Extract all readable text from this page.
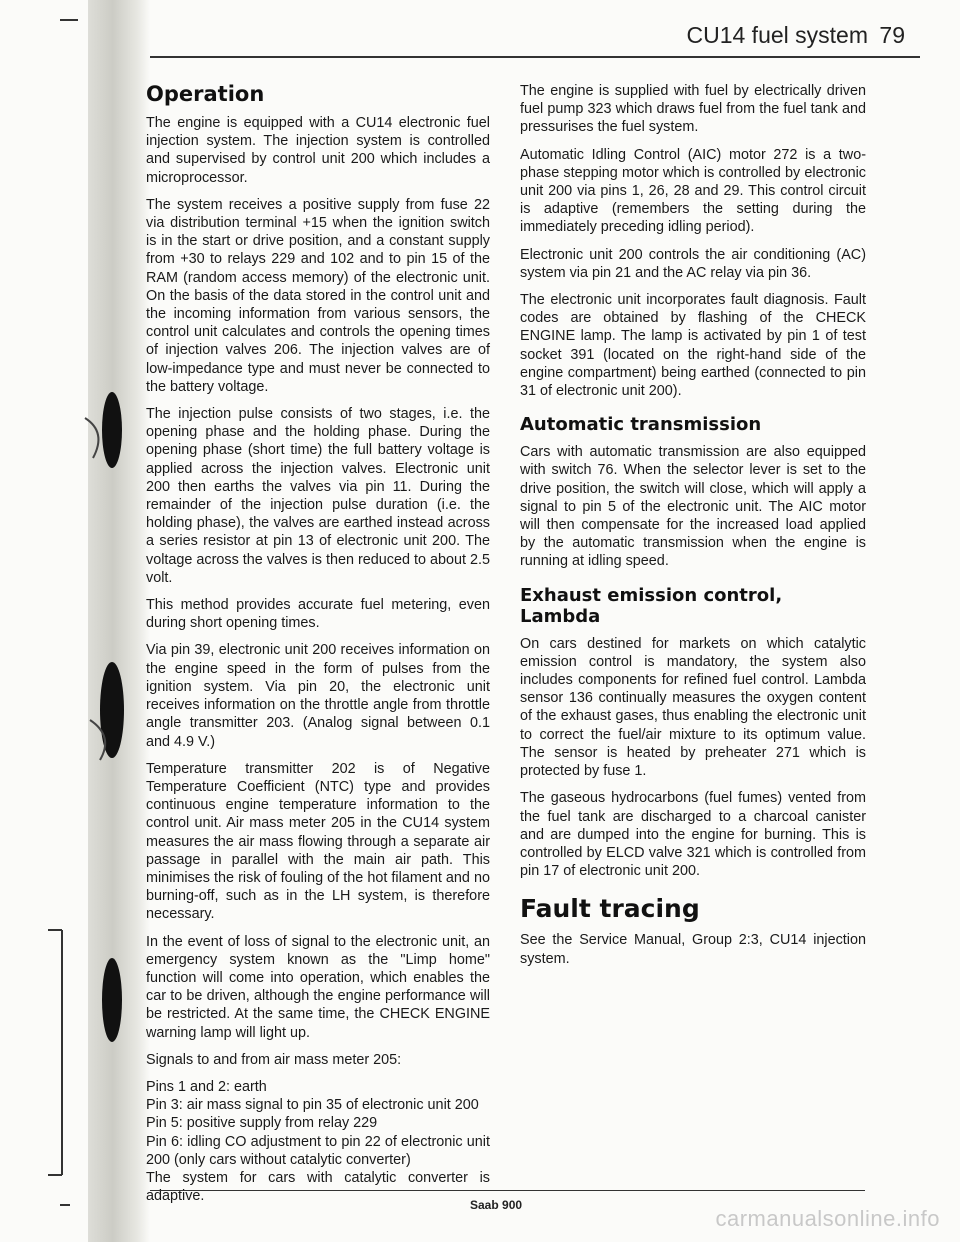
CU14 fuel system 79
Operation

The engine is equipped with a CU14 electronic fuel injection system. The injection system is controlled and supervised by control unit 200 which includes a microprocessor.

The system receives a positive supply from fuse 22 via distribution terminal +15 when the ignition switch is in the start or drive position, and a constant supply from +30 to relays 229 and 102 and to pin 15 of the RAM (random access memory) of the electronic unit. On the basis of the data stored in the control unit and the incoming information from various sensors, the control unit calculates and controls the opening times of injection valves 206. The injection valves are of low-impedance type and must never be connected to the battery voltage.

The injection pulse consists of two stages, i.e. the opening phase and the holding phase. During the opening phase (short time) the full battery voltage is applied across the injection valves. Electronic unit 200 then earths the valves via pin 11. During the remainder of the injection pulse duration (i.e. the holding phase), the valves are earthed instead across a series resistor at pin 13 of electronic unit 200. The voltage across the valves is then reduced to about 2.5 volt.

This method provides accurate fuel metering, even during short opening times.

Via pin 39, electronic unit 200 receives information on the engine speed in the form of pulses from the ignition system. Via pin 20, the electronic unit receives information on the throttle angle from throttle angle transmitter 203. (Analog signal between 0.1 and 4.9 V.)

Temperature transmitter 202 is of Negative Temperature Coefficient (NTC) type and provides continuous engine temperature information to the control unit. Air mass meter 205 in the CU14 system measures the air mass flowing through a separate air passage in parallel with the main air path. This minimises the risk of fouling of the hot filament and no burning-off, such as in the LH system, is therefore necessary.

In the event of loss of signal to the electronic unit, an emergency system known as the "Limp home" function will come into operation, which enables the car to be driven, although the engine performance will be restricted. At the same time, the CHECK ENGINE warning lamp will light up.

Signals to and from air mass meter 205:

Pins 1 and 2: earth

Pin 3: air mass signal to pin 35 of electronic unit 200

Pin 5: positive supply from relay 229

Pin 6: idling CO adjustment to pin 22 of electronic unit 200 (only cars without catalytic converter)

The system for cars with catalytic converter is adaptive.

The engine is supplied with fuel by electrically driven fuel pump 323 which draws fuel from the fuel tank and pressurises the fuel system.

Automatic Idling Control (AIC) motor 272 is a two-phase stepping motor which is controlled by electronic unit 200 via pins 1, 26, 28 and 29. This control circuit is adaptive (remembers the setting during the immediately preceding idling period).

Electronic unit 200 controls the air conditioning (AC) system via pin 21 and the AC relay via pin 36.

The electronic unit incorporates fault diagnosis. Fault codes are obtained by flashing of the CHECK ENGINE lamp. The lamp is activated by pin 1 of test socket 391 (located on the right-hand side of the engine compartment) being earthed (connected to pin 31 of electronic unit 200).

Automatic transmission

Cars with automatic transmission are also equipped with switch 76. When the selector lever is set to the drive position, the switch will close, which will apply a signal to pin 5 of the electronic unit. The AIC motor will then compensate for the increased load applied by the automatic transmission when the engine is running at idling speed.

Exhaust emission control, Lambda

On cars destined for markets on which catalytic emission control is mandatory, the system also includes components for refined fuel control. Lambda sensor 136 continually measures the oxygen content of the exhaust gases, thus enabling the electronic unit to correct the fuel/air mixture to its optimum value. The sensor is heated by preheater 271 which is protected by fuse 1.

The gaseous hydrocarbons (fuel fumes) vented from the fuel tank are discharged to a charcoal canister and are dumped into the engine for burning. This is controlled by ELCD valve 321 which is controlled from pin 17 of electronic unit 200.

Fault tracing

See the Service Manual, Group 2:3, CU14 injection system.

Saab 900
carmanualsonline.info
